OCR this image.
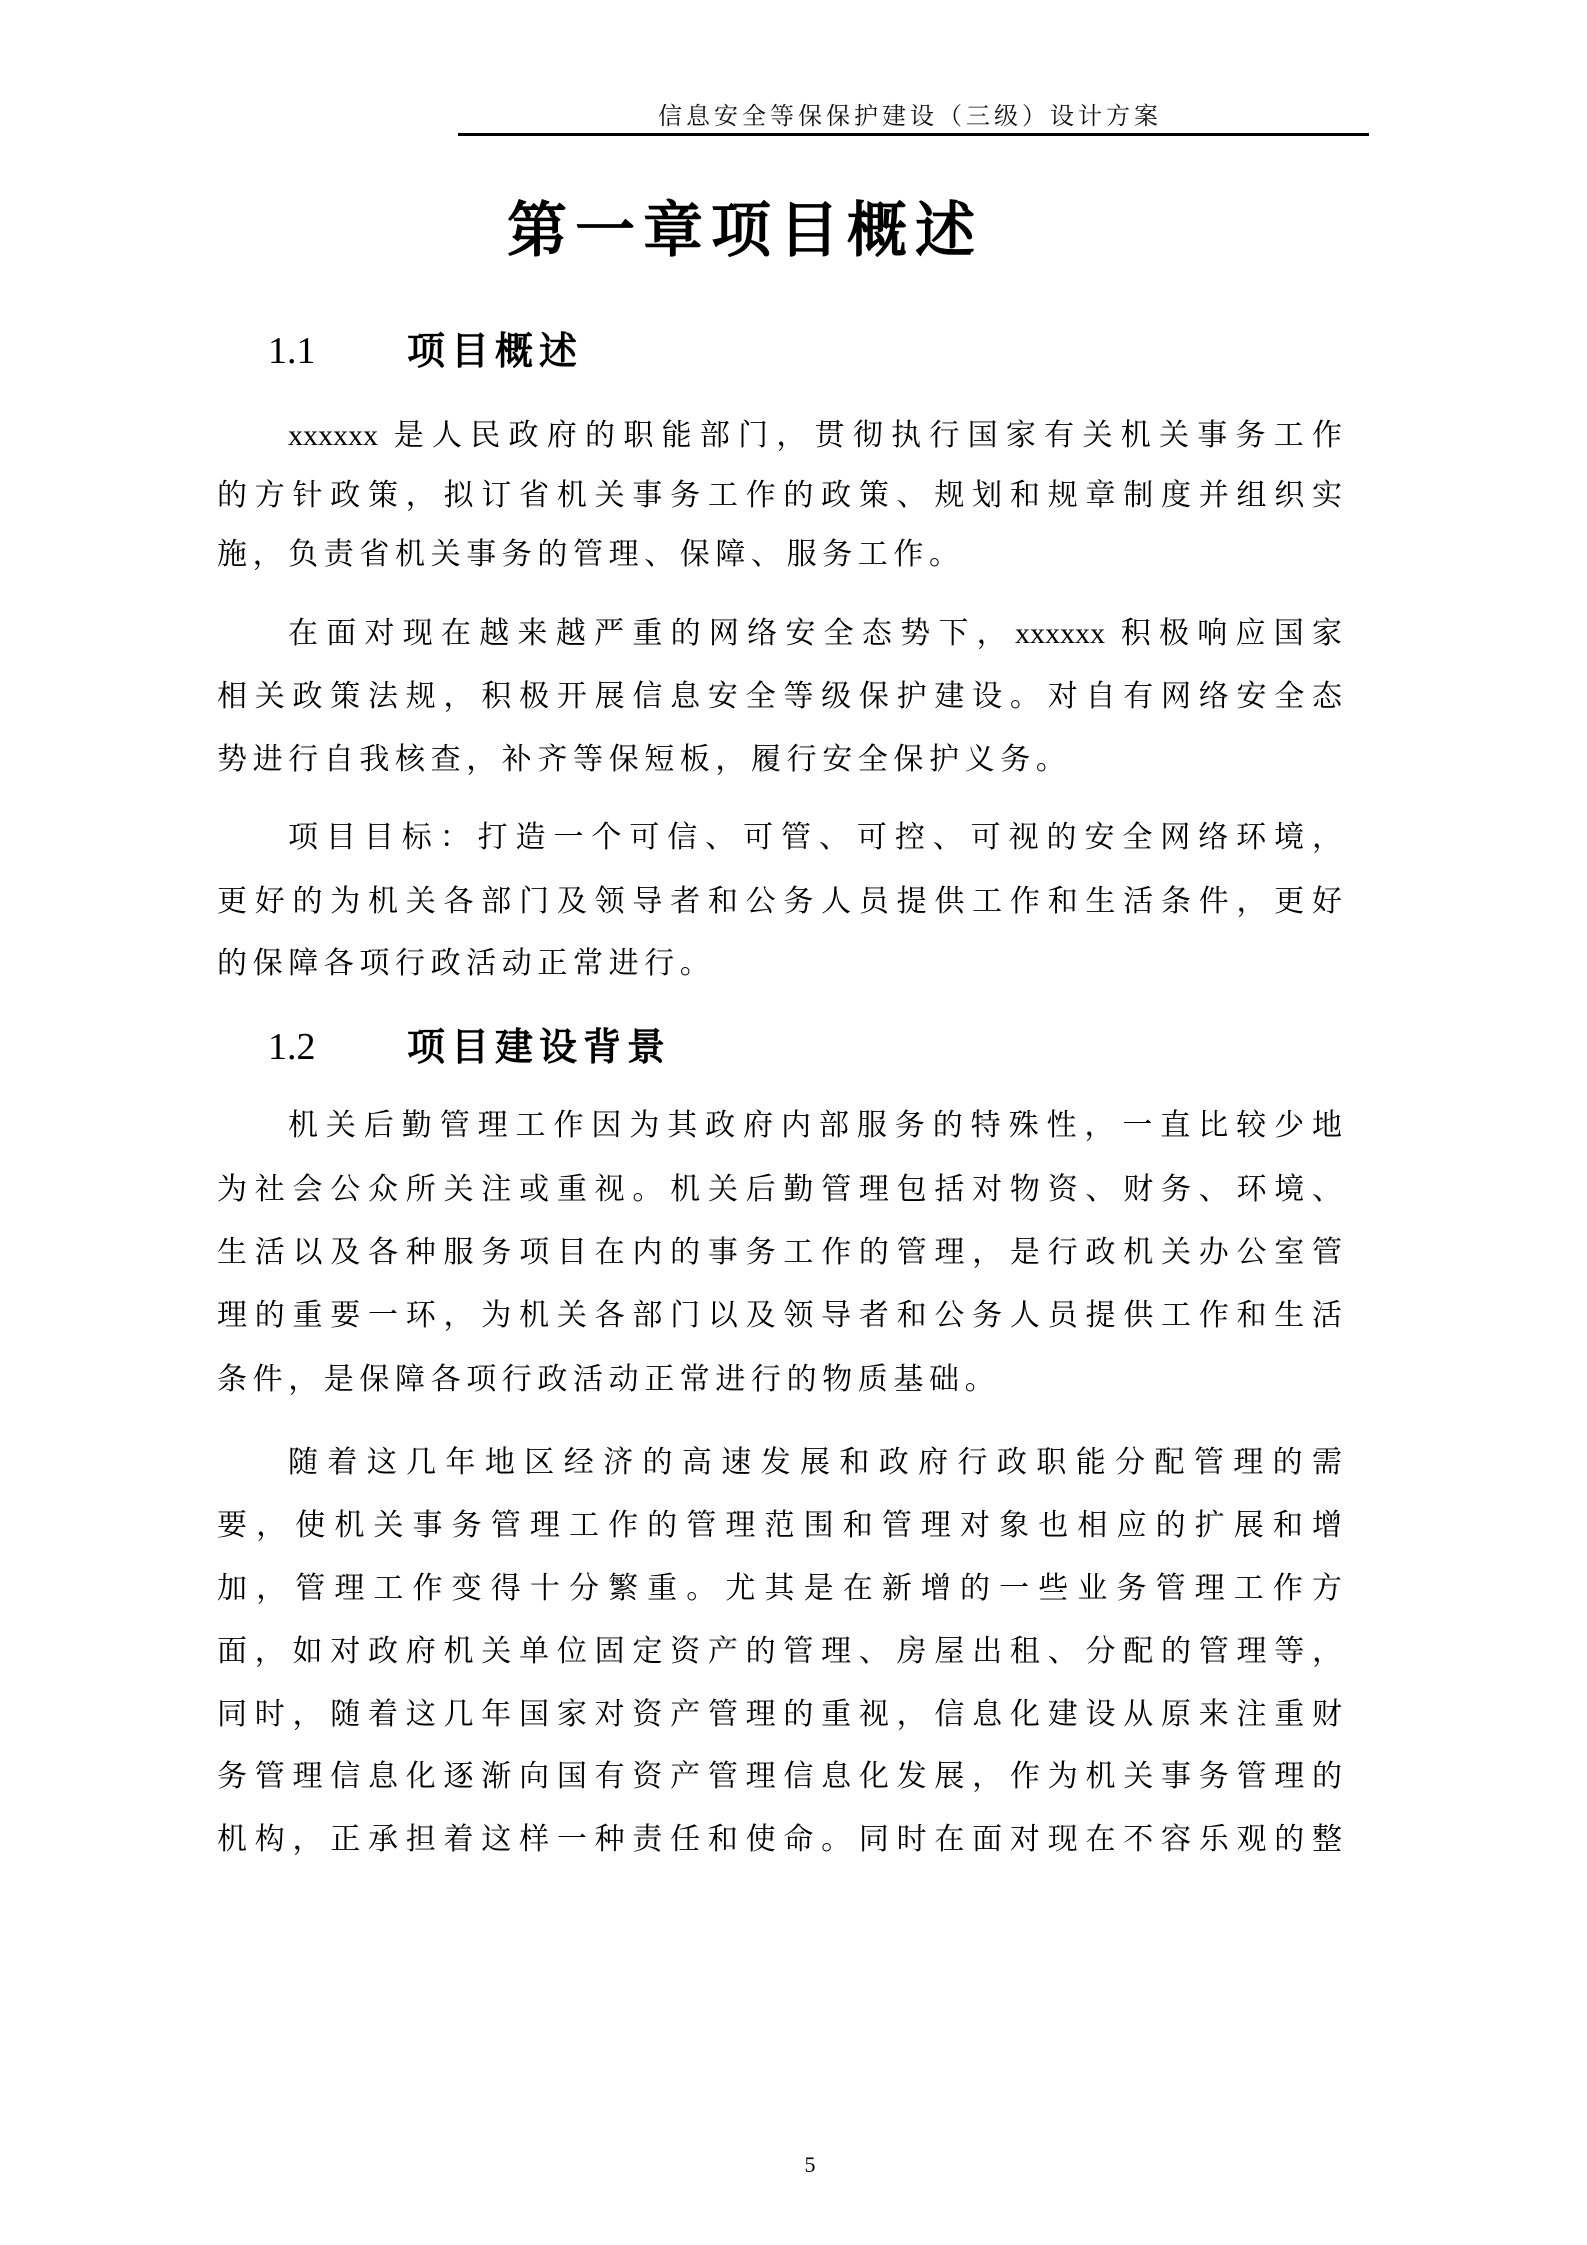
信息安全等保保护建设（三级）设计方案
第一章项目概述
1.1 项目概述
xxxxxx 是人民政府的职能部门，贯彻执行国家有关机关事务工作
的方针政策，拟订省机关事务工作的政策、规划和规章制度并组织实
施，负责省机关事务的管理、保障、服务工作。
在面对现在越来越严重的网络安全态势下，xxxxxx 积极响应国家
相关政策法规，积极开展信息安全等级保护建设。对自有网络安全态
势进行自我核查，补齐等保短板，履行安全保护义务。
项目目标：打造一个可信、可管、可控、可视的安全网络环境，
更好的为机关各部门及领导者和公务人员提供工作和生活条件，更好
的保障各项行政活动正常进行。
1.2 项目建设背景
机关后勤管理工作因为其政府内部服务的特殊性，一直比较少地
为社会公众所关注或重视。机关后勤管理包括对物资、财务、环境、
生活以及各种服务项目在内的事务工作的管理，是行政机关办公室管
理的重要一环，为机关各部门以及领导者和公务人员提供工作和生活
条件，是保障各项行政活动正常进行的物质基础。
随着这几年地区经济的高速发展和政府行政职能分配管理的需
要，使机关事务管理工作的管理范围和管理对象也相应的扩展和增
加，管理工作变得十分繁重。尤其是在新增的一些业务管理工作方
面，如对政府机关单位固定资产的管理、房屋出租、分配的管理等，
同时，随着这几年国家对资产管理的重视，信息化建设从原来注重财
务管理信息化逐渐向国有资产管理信息化发展，作为机关事务管理的
机构，正承担着这样一种责任和使命。同时在面对现在不容乐观的整
5
